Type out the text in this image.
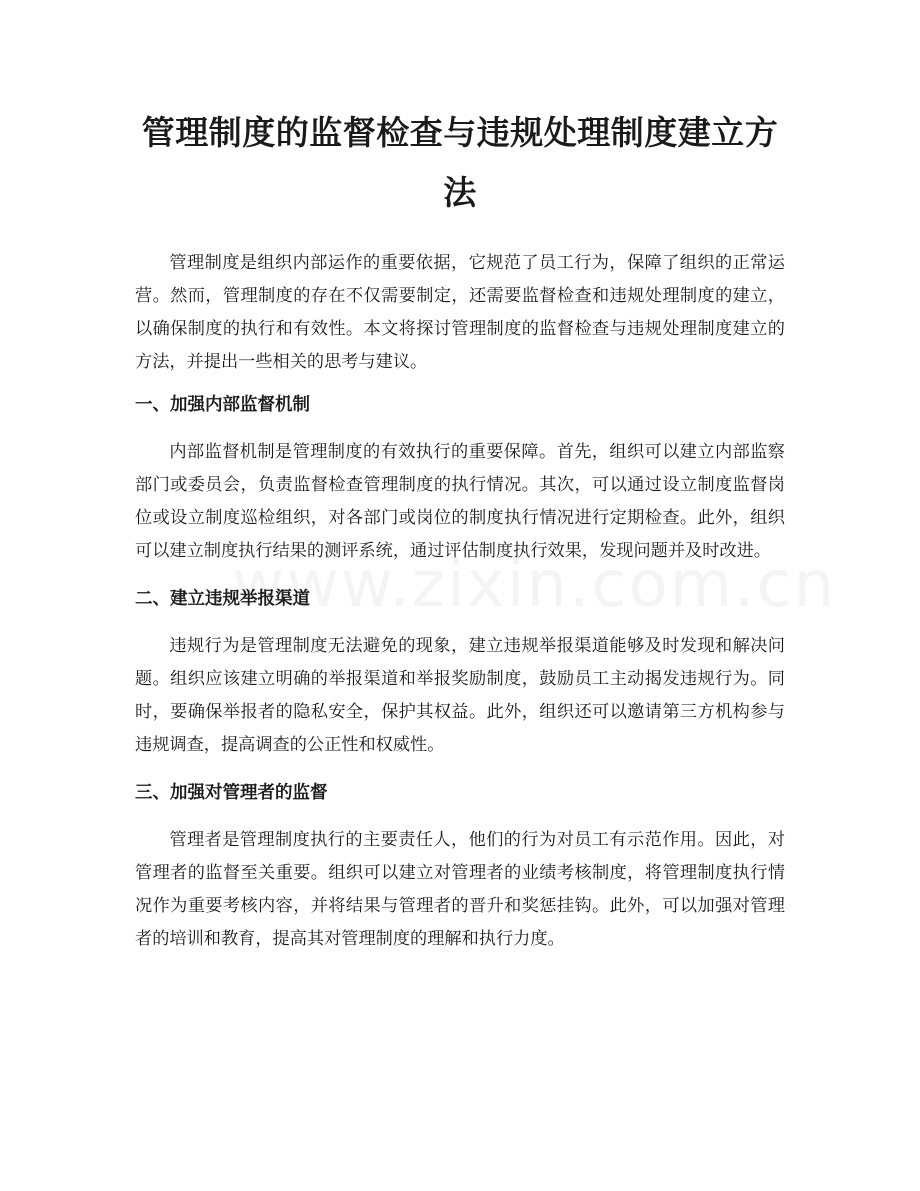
管理制度的监督检查与违规处理制度建立方法

管理制度是组织内部运作的重要依据，它规范了员工行为，保障了组织的正常运营。然而，管理制度的存在不仅需要制定，还需要监督检查和违规处理制度的建立，以确保制度的执行和有效性。本文将探讨管理制度的监督检查与违规处理制度建立的方法，并提出一些相关的思考与建议。

一、加强内部监督机制

内部监督机制是管理制度的有效执行的重要保障。首先，组织可以建立内部监察部门或委员会，负责监督检查管理制度的执行情况。其次，可以通过设立制度监督岗位或设立制度巡检组织，对各部门或岗位的制度执行情况进行定期检查。此外，组织可以建立制度执行结果的测评系统，通过评估制度执行效果，发现问题并及时改进。

二、建立违规举报渠道

违规行为是管理制度无法避免的现象，建立违规举报渠道能够及时发现和解决问题。组织应该建立明确的举报渠道和举报奖励制度，鼓励员工主动揭发违规行为。同时，要确保举报者的隐私安全，保护其权益。此外，组织还可以邀请第三方机构参与违规调查，提高调查的公正性和权威性。

三、加强对管理者的监督

管理者是管理制度执行的主要责任人，他们的行为对员工有示范作用。因此，对管理者的监督至关重要。组织可以建立对管理者的业绩考核制度，将管理制度执行情况作为重要考核内容，并将结果与管理者的晋升和奖惩挂钩。此外，可以加强对管理者的培训和教育，提高其对管理制度的理解和执行力度。
